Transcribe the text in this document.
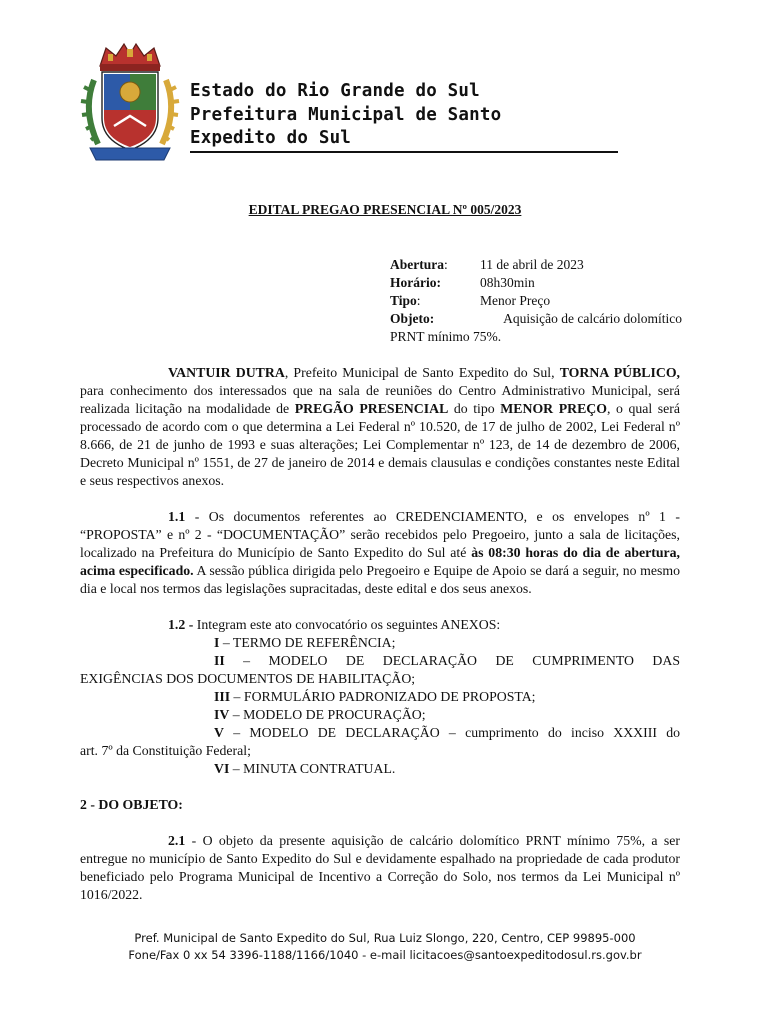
Estado do Rio Grande do Sul
Prefeitura Municipal de Santo
Expedito do Sul
EDITAL PREGAO PRESENCIAL Nº 005/2023
Abertura: 11 de abril de 2023
Horário:	08h30min
Tipo:	Menor Preço
Objeto:	Aquisição de calcário dolomítico
PRNT mínimo 75%.

VANTUIR DUTRA, Prefeito Municipal de Santo Expedito do Sul, TORNA PÚBLICO, para conhecimento dos interessados que na sala de reuniões do Centro Administrativo Municipal, será realizada licitação na modalidade de PREGÃO PRESENCIAL do tipo MENOR PREÇO, o qual será processado de acordo com o que determina a Lei Federal nº 10.520, de 17 de julho de 2002, Lei Federal nº 8.666, de 21 de junho de 1993 e suas alterações; Lei Complementar nº 123, de 14 de dezembro de 2006, Decreto Municipal nº 1551, de 27 de janeiro de 2014 e demais clausulas e condições constantes neste Edital e seus respectivos anexos.

1.1 - Os documentos referentes ao CREDENCIAMENTO, e os envelopes nº 1 - “PROPOSTA” e nº 2 - “DOCUMENTAÇÃO” serão recebidos pelo Pregoeiro, junto a sala de licitações, localizado na Prefeitura do Município de Santo Expedito do Sul até às 08:30 horas do dia de abertura, acima especificado. A sessão pública dirigida pelo Pregoeiro e Equipe de Apoio se dará a seguir, no mesmo dia e local nos termos das legislações supracitadas, deste edital e dos seus anexos.

1.2 - Integram este ato convocatório os seguintes ANEXOS:

I – TERMO DE REFERÊNCIA;
II – MODELO DE DECLARAÇÃO DE CUMPRIMENTO DAS
EXIGÊNCIAS DOS DOCUMENTOS DE HABILITAÇÃO;
III – FORMULÁRIO PADRONIZADO DE PROPOSTA;
IV – MODELO DE PROCURAÇÃO;
V – MODELO DE DECLARAÇÃO – cumprimento do inciso XXXIII do
art. 7º da Constituição Federal;
VI – MINUTA CONTRATUAL.
2 - DO OBJETO:

2.1 - O objeto da presente aquisição de calcário dolomítico PRNT mínimo 75%, a ser entregue no município de Santo Expedito do Sul e devidamente espalhado na propriedade de cada produtor beneficiado pelo Programa Municipal de Incentivo a Correção do Solo, nos termos da Lei Municipal nº 1016/2022.

Pref. Municipal de Santo Expedito do Sul, Rua Luiz Slongo, 220, Centro, CEP 99895-000
Fone/Fax 0 xx 54 3396-1188/1166/1040 - e-mail licitacoes@santoexpeditodosul.rs.gov.br
